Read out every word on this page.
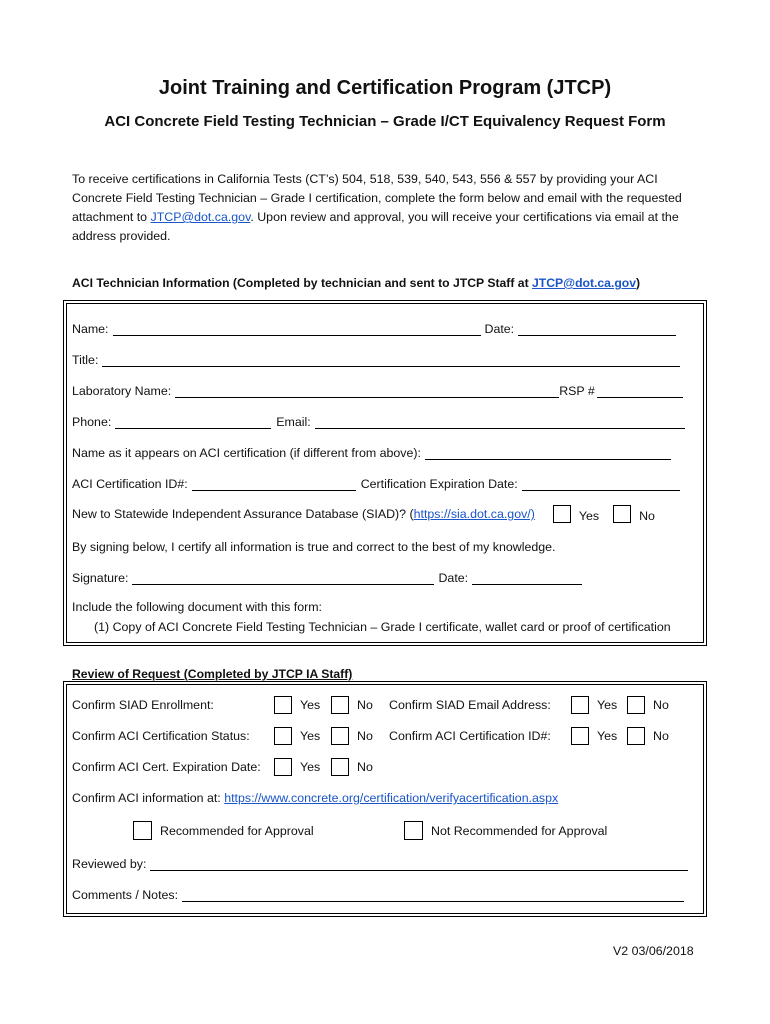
Joint Training and Certification Program (JTCP)
ACI Concrete Field Testing Technician – Grade I/CT Equivalency Request Form
To receive certifications in California Tests (CT’s) 504, 518, 539, 540, 543, 556 & 557 by providing your ACI Concrete Field Testing Technician – Grade I certification, complete the form below and email with the requested attachment to JTCP@dot.ca.gov. Upon review and approval, you will receive your certifications via email at the address provided.
ACI Technician Information (Completed by technician and sent to JTCP Staff at JTCP@dot.ca.gov)
Name:	Date:
Title:
Laboratory Name:	RSP #
Phone:	Email:
Name as it appears on ACI certification (if different from above):
ACI Certification ID#:	Certification Expiration Date:
New to Statewide Independent Assurance Database (SIAD)? ( https://sia.dot.ca.gov/)	Yes	No
By signing below, I certify all information is true and correct to the best of my knowledge.
Signature:	Date:
Include the following document with this form:
(1) Copy of ACI Concrete Field Testing Technician – Grade I certificate, wallet card or proof of certification
Review of Request (Completed by JTCP IA Staff)
Confirm SIAD Enrollment:	Yes	No Confirm SIAD Email Address:	Yes	No
Confirm ACI Certification Status:	Yes	No Confirm ACI Certification ID#:	Yes	No
Confirm ACI Cert. Expiration Date:	Yes	No
Confirm ACI information at:
https://www.concrete.org/certification/verifyacertification.aspx
Recommended for Approval	Not Recommended for Approval
Reviewed by:
Comments / Notes:
V2 03/06/2018
